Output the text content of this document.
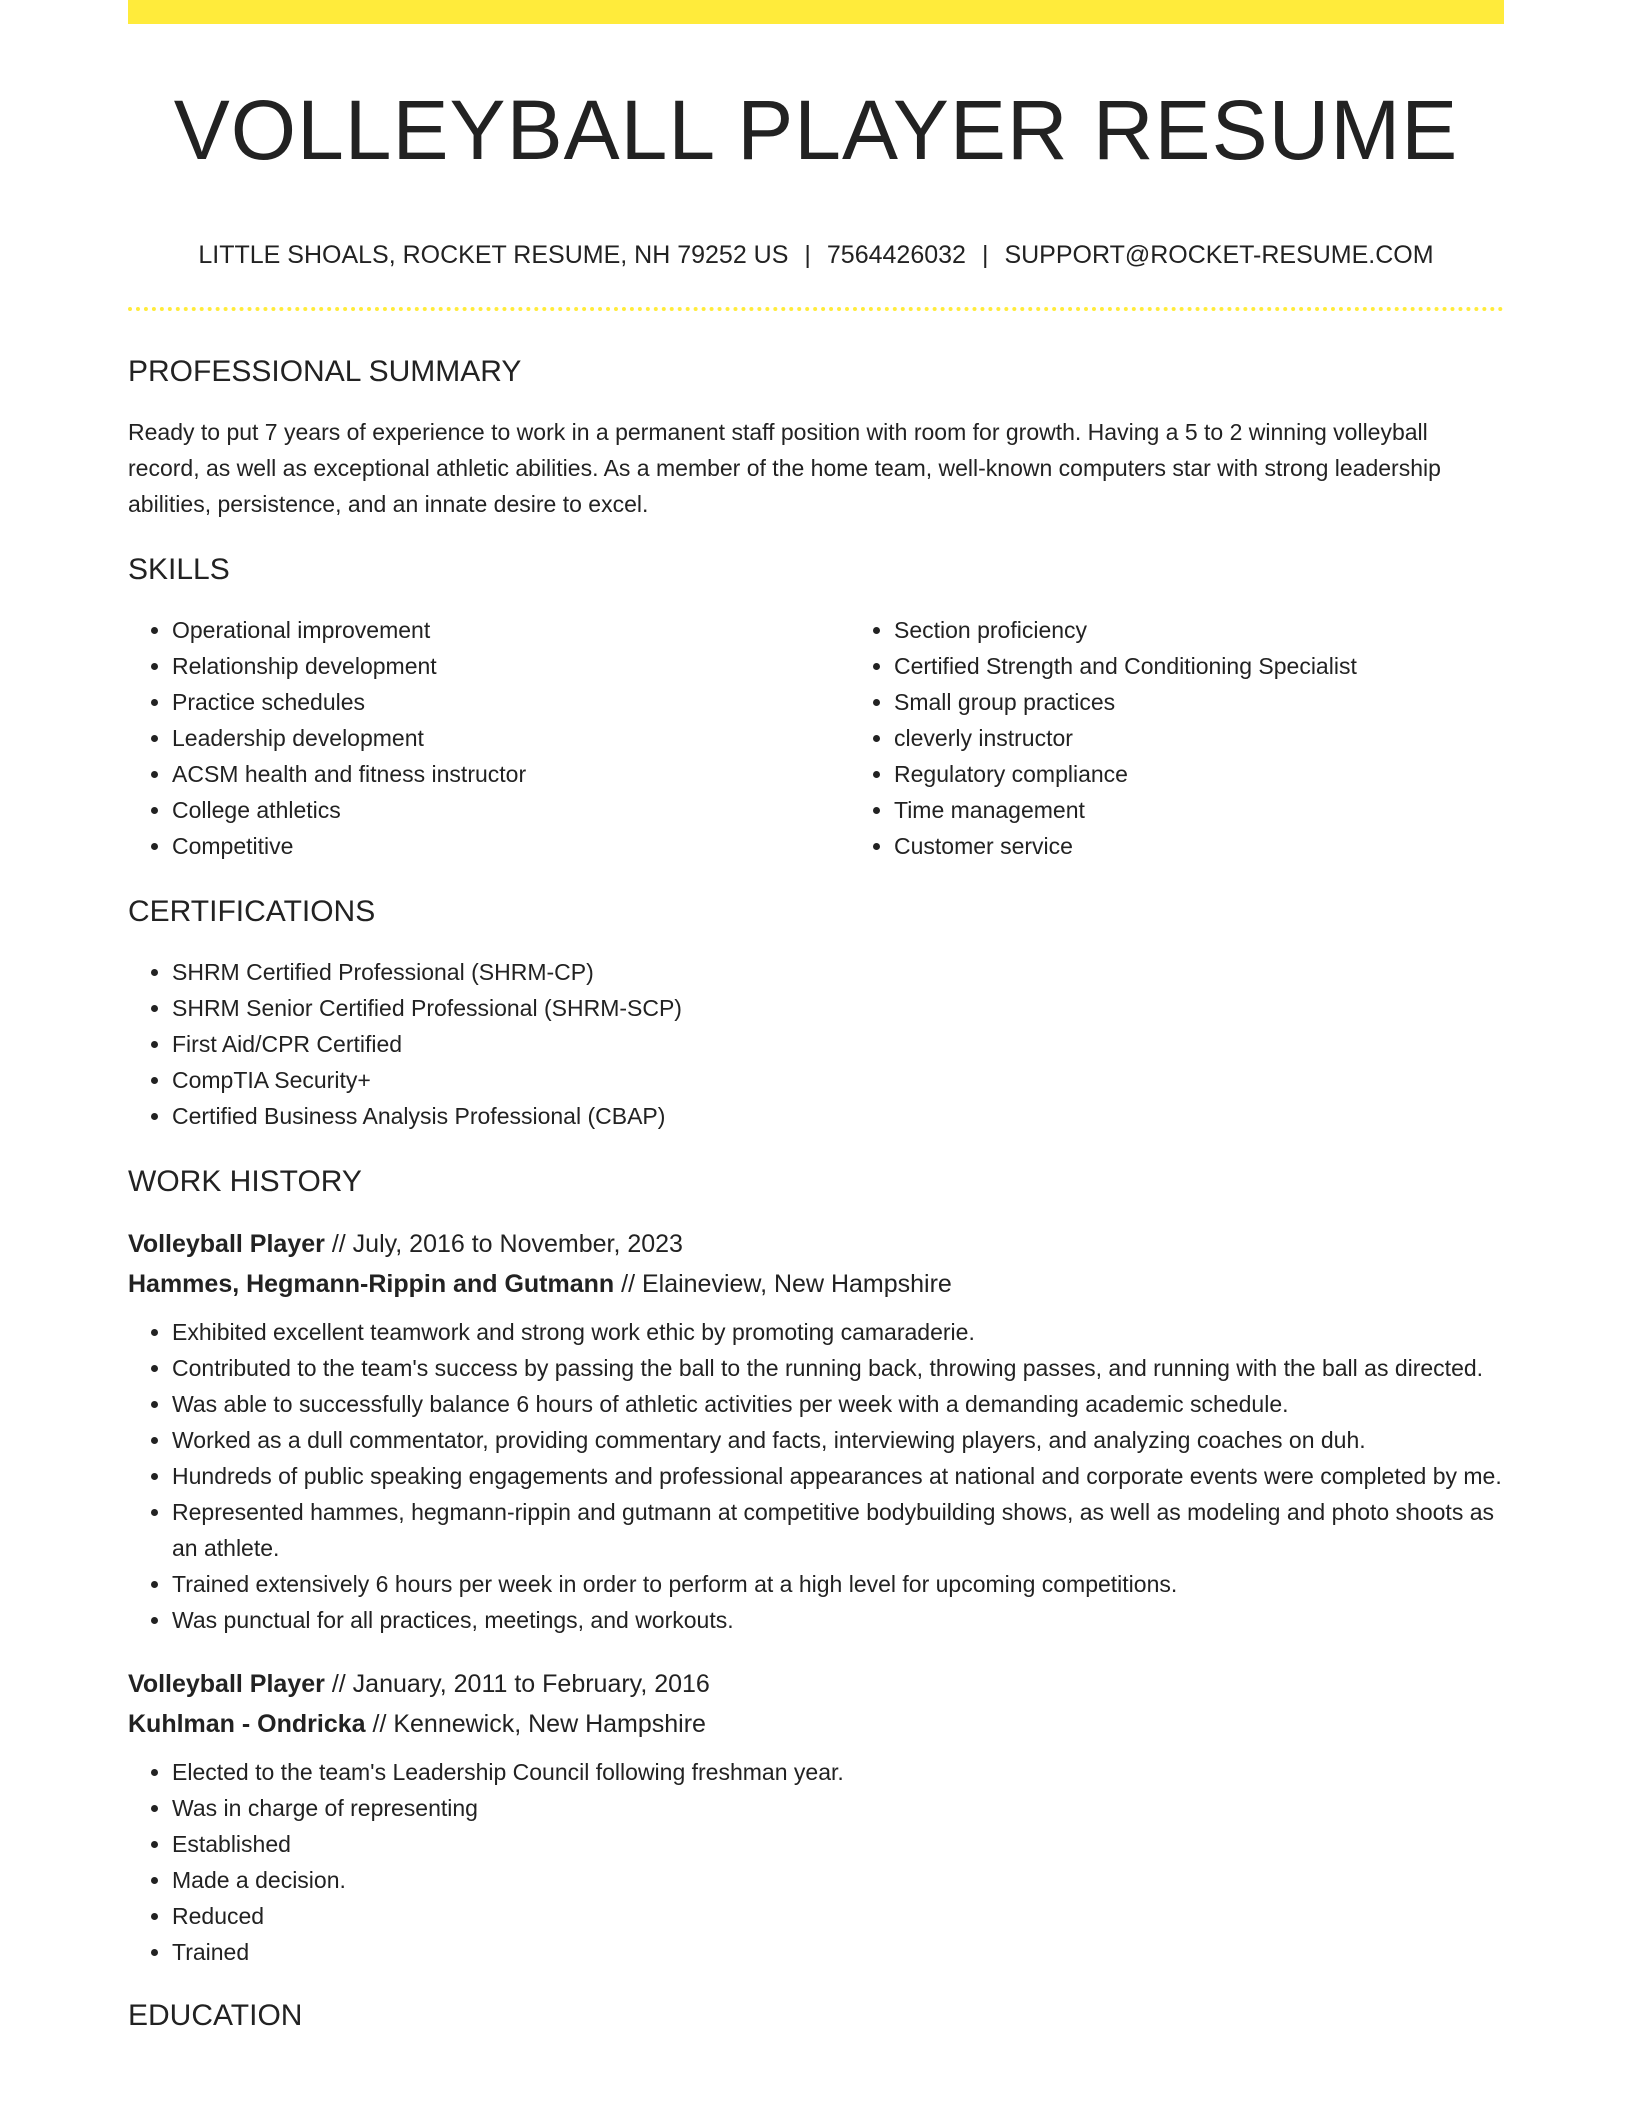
VOLLEYBALL PLAYER RESUME
LITTLE SHOALS, ROCKET RESUME, NH 79252 US | 7564426032 | SUPPORT@ROCKET-RESUME.COM
PROFESSIONAL SUMMARY

Ready to put 7 years of experience to work in a permanent staff position with room for growth. Having a 5 to 2 winning volleyball record, as well as exceptional athletic abilities. As a member of the home team, well-known computers star with strong leadership abilities, persistence, and an innate desire to excel.

SKILLS
• Operational improvement
• Relationship development
• Practice schedules
• Leadership development
• ACSM health and fitness instructor
• College athletics
• Competitive
• Section proficiency
• Certified Strength and Conditioning Specialist
• Small group practices
• cleverly instructor
• Regulatory compliance
• Time management
• Customer service
CERTIFICATIONS
• SHRM Certified Professional (SHRM-CP)
• SHRM Senior Certified Professional (SHRM-SCP)
• First Aid/CPR Certified
• CompTIA Security+
• Certified Business Analysis Professional (CBAP)
WORK HISTORY
Volleyball Player // July, 2016 to November, 2023
Hammes, Hegmann-Rippin and Gutmann // Elaineview, New Hampshire
• Exhibited excellent teamwork and strong work ethic by promoting camaraderie.
• Contributed to the team's success by passing the ball to the running back, throwing passes, and running with the ball as directed.
• Was able to successfully balance 6 hours of athletic activities per week with a demanding academic schedule.
• Worked as a dull commentator, providing commentary and facts, interviewing players, and analyzing coaches on duh.
• Hundreds of public speaking engagements and professional appearances at national and corporate events were completed by me.
• Represented hammes, hegmann-rippin and gutmann at competitive bodybuilding shows, as well as modeling and photo shoots as an athlete.
• Trained extensively 6 hours per week in order to perform at a high level for upcoming competitions.
• Was punctual for all practices, meetings, and workouts.
Volleyball Player // January, 2011 to February, 2016
Kuhlman - Ondricka // Kennewick, New Hampshire
• Elected to the team's Leadership Council following freshman year.
• Was in charge of representing
• Established
• Made a decision.
• Reduced
• Trained
EDUCATION
